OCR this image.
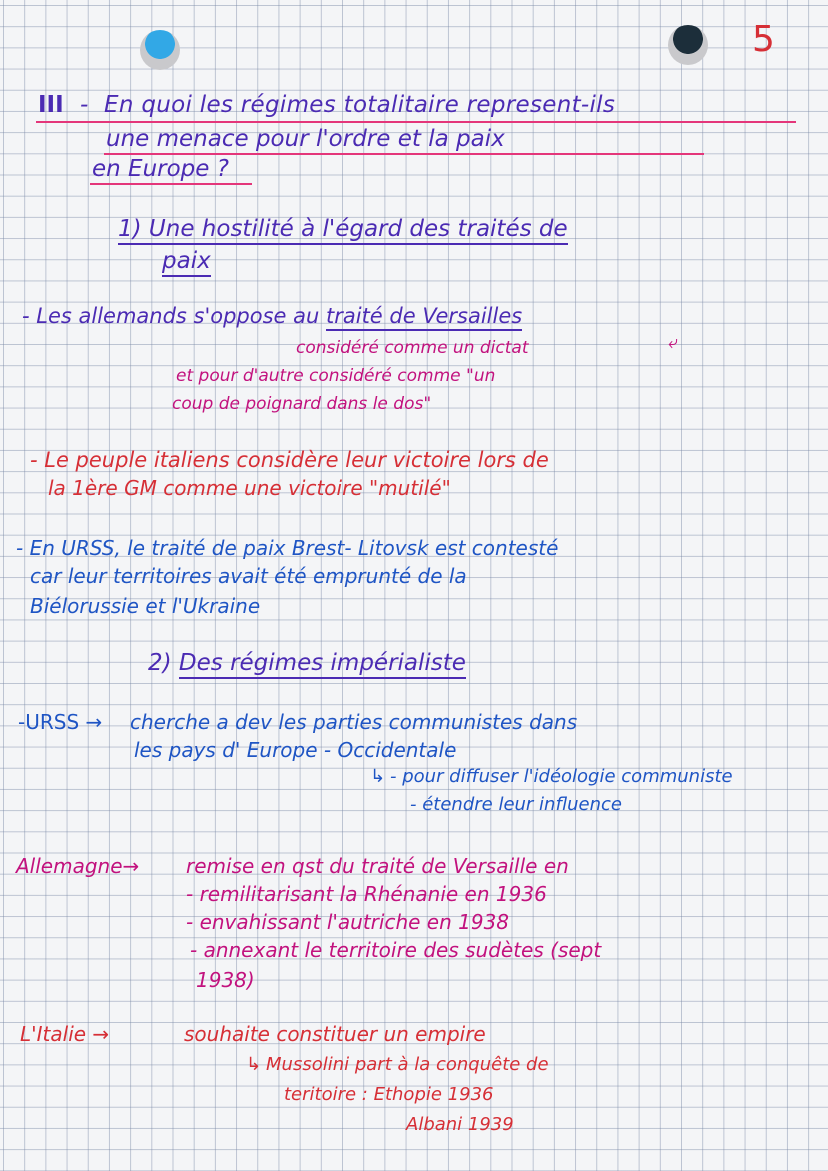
5
III - En quoi les régimes totalitaire represent-ils
une menace pour l'ordre et la paix
en Europe ?
1) Une hostilité à l'égard des traités de
paix
- Les allemands s'oppose au traité de Versailles
considéré comme un dictat	⤶
et pour d'autre considéré comme "un
coup de poignard dans le dos"
- Le peuple italiens considère leur victoire lors de
la 1ère GM comme une victoire "mutilé"
- En URSS, le traité de paix Brest- Litovsk est contesté
car leur territoires avait été emprunté de la
Biélorussie et l'Ukraine
2) Des régimes impérialiste
-URSS → cherche a dev les parties communistes dans
les pays d' Europe - Occidentale
↳ - pour diffuser l'idéologie communiste
- étendre leur influence
Allemagne→ remise en qst du traité de Versaille en
- remilitarisant la Rhénanie en 1936
- envahissant l'autriche en 1938
- annexant le territoire des sudètes (sept
1938)
L'Italie →	souhaite constituer un empire
↳ Mussolini part à la conquête de
teritoire : Ethopie 1936
Albani 1939
